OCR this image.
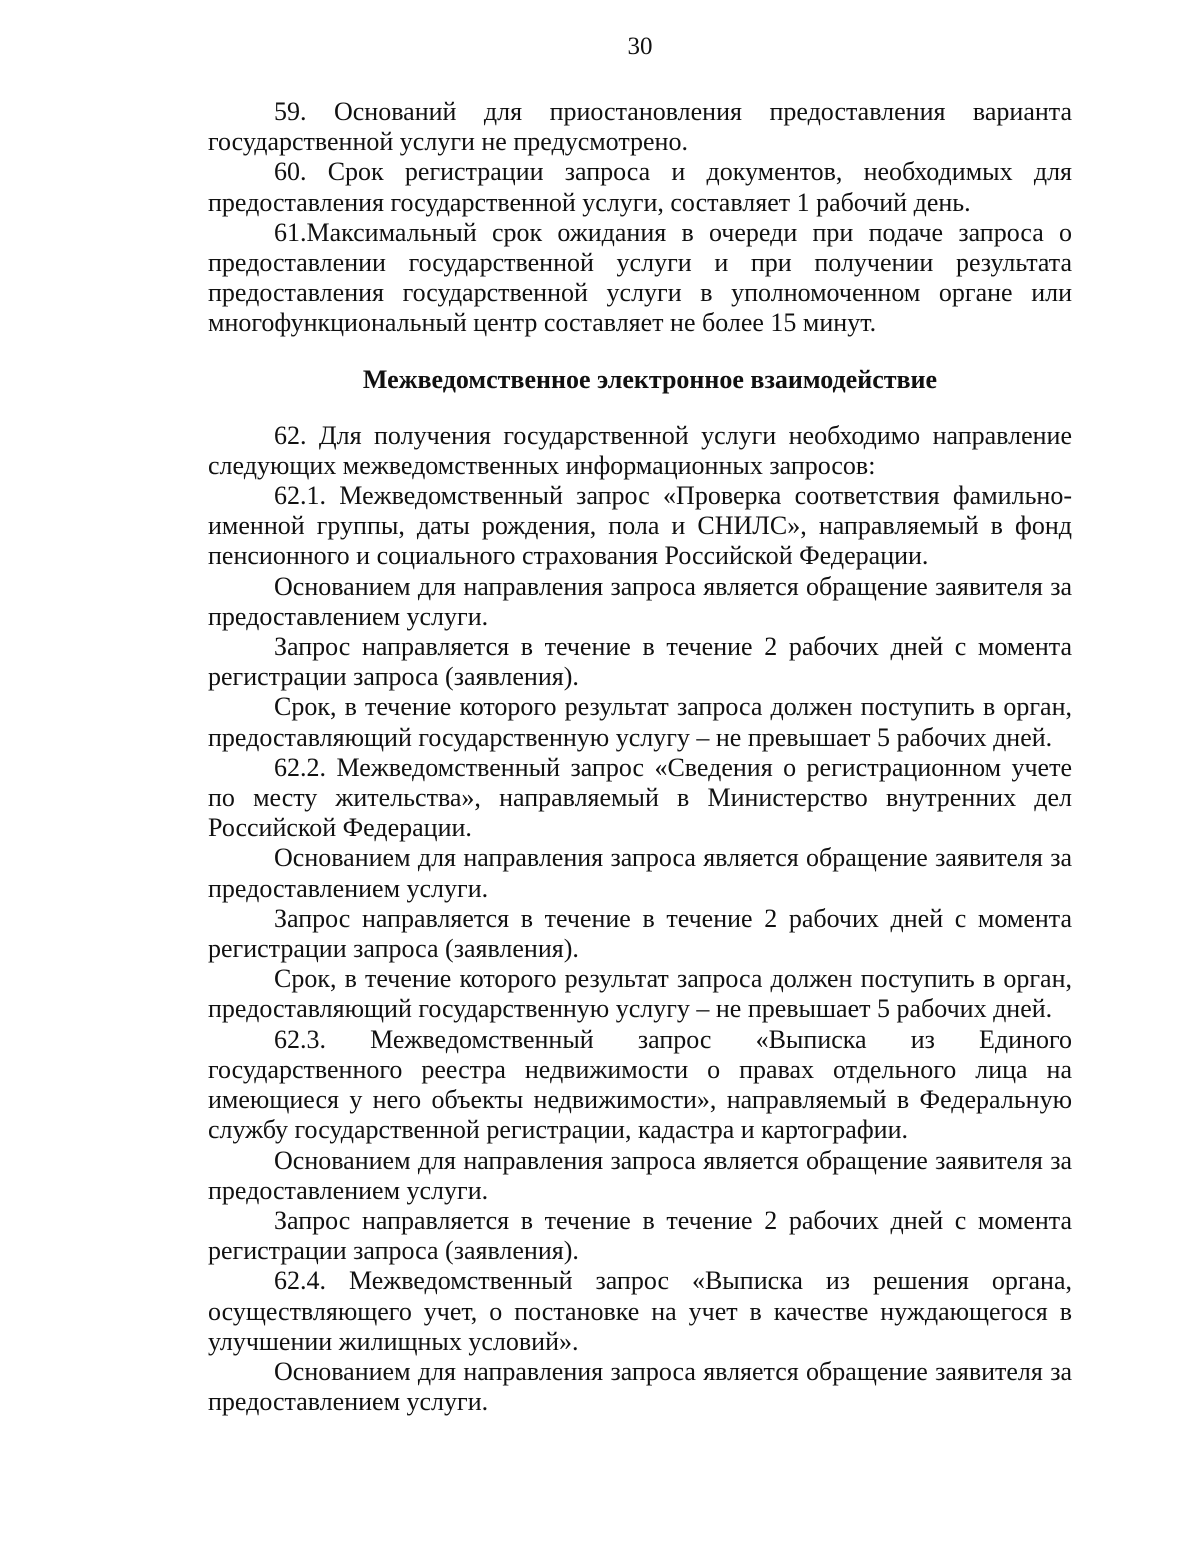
30

59. Оснований для приостановления предоставления варианта государственной услуги не предусмотрено.

60. Срок регистрации запроса и документов, необходимых для предоставления государственной услуги, составляет 1 рабочий день.

61.Максимальный срок ожидания в очереди при подаче запроса о предоставлении государственной услуги и при получении результата предоставления государственной услуги в уполномоченном органе или многофункциональный центр составляет не более 15 минут.

Межведомственное электронное взаимодействие

62. Для получения государственной услуги необходимо направление следующих межведомственных информационных запросов:

62.1. Межведомственный запрос «Проверка соответствия фамильно-именной группы, даты рождения, пола и СНИЛС», направляемый в фонд пенсионного и социального страхования Российской Федерации.

Основанием для направления запроса является обращение заявителя за предоставлением услуги.

Запрос направляется в течение в течение 2 рабочих дней с момента регистрации запроса (заявления).

Срок, в течение которого результат запроса должен поступить в орган, предоставляющий государственную услугу – не превышает 5 рабочих дней.

62.2. Межведомственный запрос «Сведения о регистрационном учете по месту жительства», направляемый в Министерство внутренних дел Российской Федерации.

Основанием для направления запроса является обращение заявителя за предоставлением услуги.

Запрос направляется в течение в течение 2 рабочих дней с момента регистрации запроса (заявления).

Срок, в течение которого результат запроса должен поступить в орган, предоставляющий государственную услугу – не превышает 5 рабочих дней.

62.3. Межведомственный запрос «Выписка из Единого государственного реестра недвижимости о правах отдельного лица на имеющиеся у него объекты недвижимости», направляемый в Федеральную службу государственной регистрации, кадастра и картографии.

Основанием для направления запроса является обращение заявителя за предоставлением услуги.

Запрос направляется в течение в течение 2 рабочих дней с момента регистрации запроса (заявления).

62.4. Межведомственный запрос «Выписка из решения органа, осуществляющего учет, о постановке на учет в качестве нуждающегося в улучшении жилищных условий».

Основанием для направления запроса является обращение заявителя за предоставлением услуги.
